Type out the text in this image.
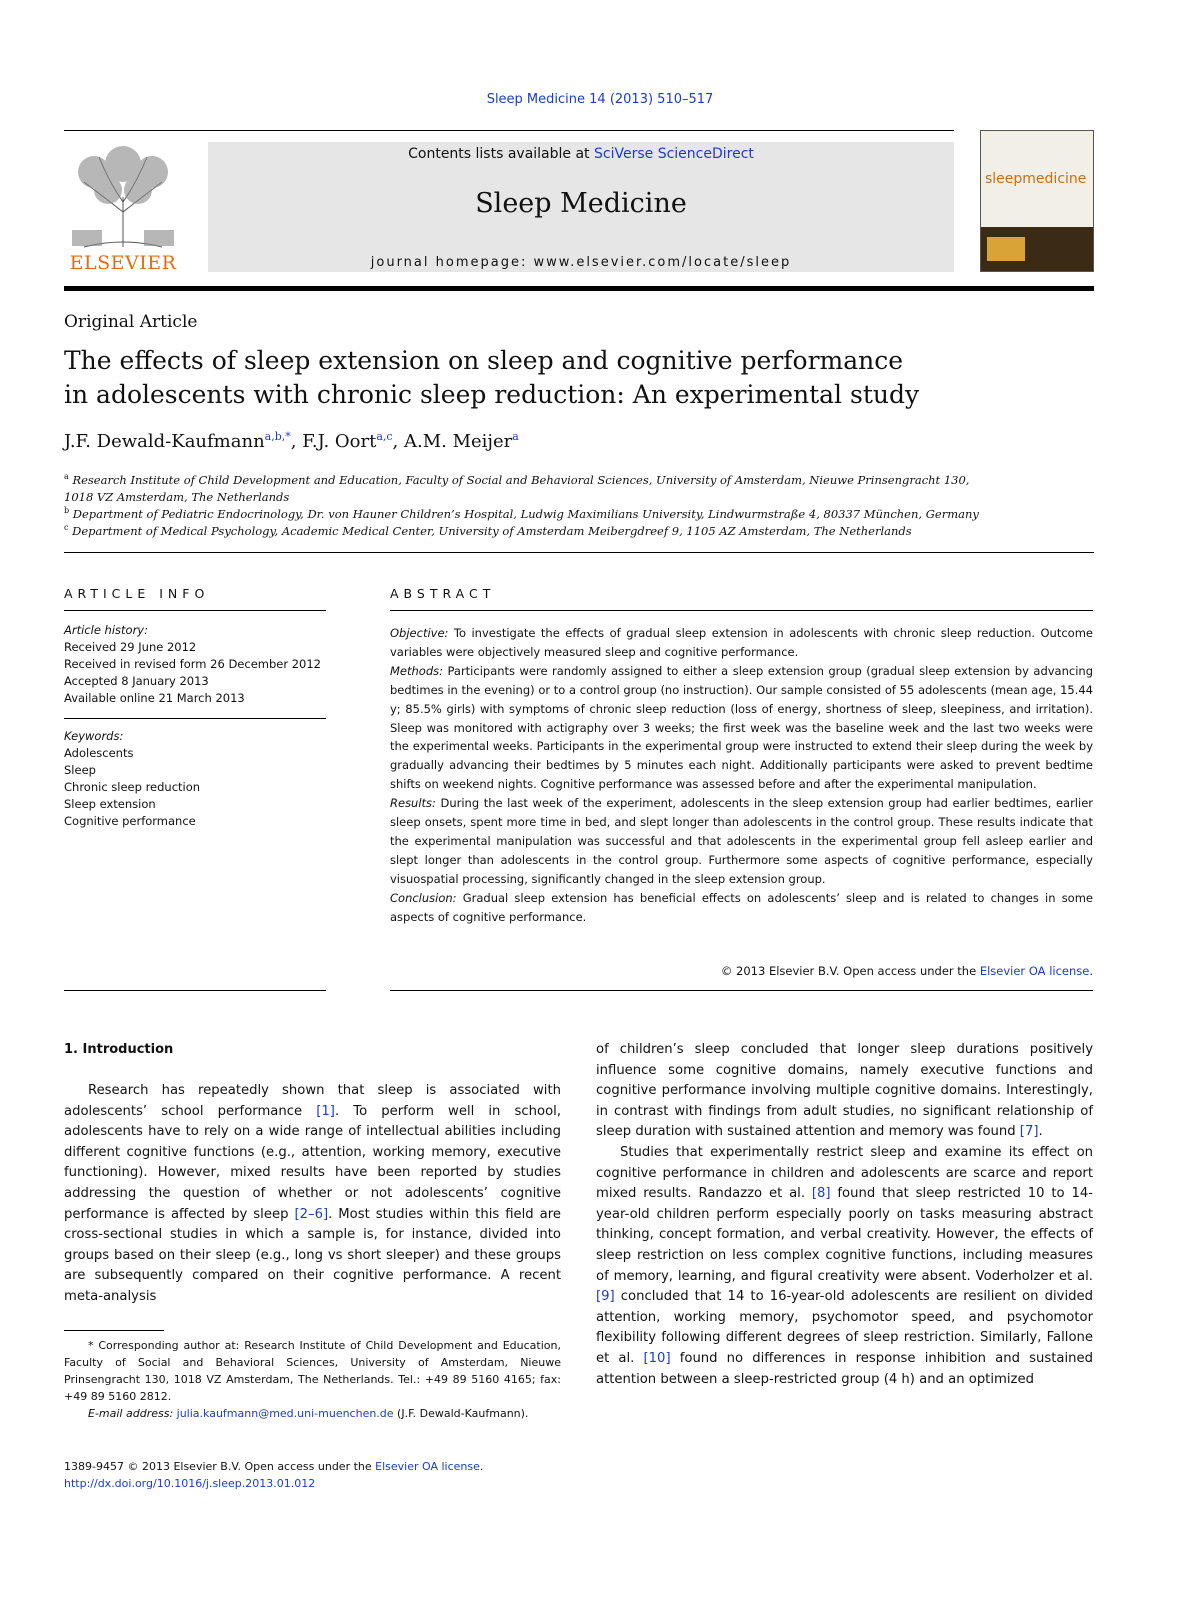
Sleep Medicine 14 (2013) 510–517
ELSEVIER
Contents lists available at SciVerse ScienceDirect
Sleep Medicine
journal homepage: www.elsevier.com/locate/sleep
sleepmedicine
Original Article
The effects of sleep extension on sleep and cognitive performance
in adolescents with chronic sleep reduction: An experimental study
J.F. Dewald-Kaufmann$^{a,b,*}$, F.J. Oort$^{a,c}$, A.M. Meijer$^a$
$^a$ Research Institute of Child Development and Education, Faculty of Social and Behavioral Sciences, University of Amsterdam, Nieuwe Prinsengracht 130,
1018 VZ Amsterdam, The Netherlands
$^b$ Department of Pediatric Endocrinology, Dr. von Hauner Children’s Hospital, Ludwig Maximilians University, Lindwurmstraße 4, 80337 München, Germany
$^c$ Department of Medical Psychology, Academic Medical Center, University of Amsterdam Meibergdreef 9, 1105 AZ Amsterdam, The Netherlands
ARTICLE INFO
Article history:
Received 29 June 2012
Received in revised form 26 December 2012
Accepted 8 January 2013
Available online 21 March 2013
Keywords:
Adolescents
Sleep
Chronic sleep reduction
Sleep extension
Cognitive performance
ABSTRACT

Objective: To investigate the effects of gradual sleep extension in adolescents with chronic sleep reduction. Outcome variables were objectively measured sleep and cognitive performance.

Methods: Participants were randomly assigned to either a sleep extension group (gradual sleep extension by advancing bedtimes in the evening) or to a control group (no instruction). Our sample consisted of 55 adolescents (mean age, 15.44 y; 85.5% girls) with symptoms of chronic sleep reduction (loss of energy, shortness of sleep, sleepiness, and irritation). Sleep was monitored with actigraphy over 3 weeks; the first week was the baseline week and the last two weeks were the experimental weeks. Participants in the experimental group were instructed to extend their sleep during the week by gradually advancing their bedtimes by 5 minutes each night. Additionally participants were asked to prevent bedtime shifts on weekend nights. Cognitive performance was assessed before and after the experimental manipulation.

Results: During the last week of the experiment, adolescents in the sleep extension group had earlier bedtimes, earlier sleep onsets, spent more time in bed, and slept longer than adolescents in the control group. These results indicate that the experimental manipulation was successful and that adolescents in the experimental group fell asleep earlier and slept longer than adolescents in the control group. Furthermore some aspects of cognitive performance, especially visuospatial processing, significantly changed in the sleep extension group.

Conclusion: Gradual sleep extension has beneficial effects on adolescents’ sleep and is related to changes in some aspects of cognitive performance.

© 2013 Elsevier B.V. Open access under the Elsevier OA license.
1. Introduction

Research has repeatedly shown that sleep is associated with adolescents’ school performance [1]. To perform well in school, adolescents have to rely on a wide range of intellectual abilities including different cognitive functions (e.g., attention, working memory, executive functioning). However, mixed results have been reported by studies addressing the question of whether or not adolescents’ cognitive performance is affected by sleep [2–6]. Most studies within this field are cross-sectional studies in which a sample is, for instance, divided into groups based on their sleep (e.g., long vs short sleeper) and these groups are subsequently compared on their cognitive performance. A recent meta-analysis

of children’s sleep concluded that longer sleep durations positively influence some cognitive domains, namely executive functions and cognitive performance involving multiple cognitive domains. Interestingly, in contrast with findings from adult studies, no significant relationship of sleep duration with sustained attention and memory was found [7].

Studies that experimentally restrict sleep and examine its effect on cognitive performance in children and adolescents are scarce and report mixed results. Randazzo et al. [8] found that sleep restricted 10 to 14-year-old children perform especially poorly on tasks measuring abstract thinking, concept formation, and verbal creativity. However, the effects of sleep restriction on less complex cognitive functions, including measures of memory, learning, and figural creativity were absent. Voderholzer et al. [9] concluded that 14 to 16-year-old adolescents are resilient on divided attention, working memory, psychomotor speed, and psychomotor flexibility following different degrees of sleep restriction. Similarly, Fallone et al. [10] found no differences in response inhibition and sustained attention between a sleep-restricted group (4 h) and an optimized

* Corresponding author at: Research Institute of Child Development and Education, Faculty of Social and Behavioral Sciences, University of Amsterdam, Nieuwe Prinsengracht 130, 1018 VZ Amsterdam, The Netherlands. Tel.: +49 89 5160 4165; fax: +49 89 5160 2812.
E-mail address: julia.kaufmann@med.uni-muenchen.de (J.F. Dewald-Kaufmann).
1389-9457 © 2013 Elsevier B.V. Open access under the Elsevier OA license.
http://dx.doi.org/10.1016/j.sleep.2013.01.012
